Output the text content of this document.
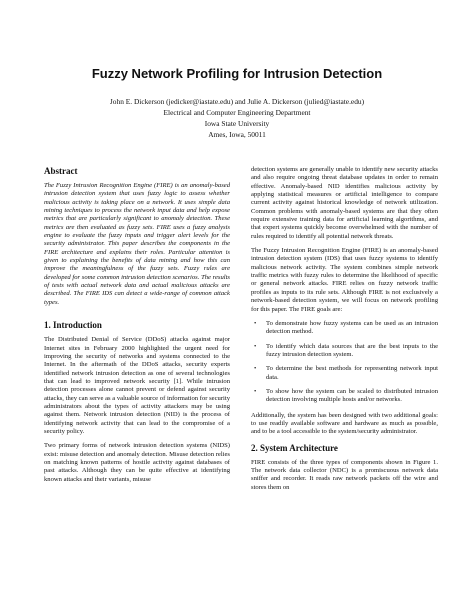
Fuzzy Network Profiling for Intrusion Detection
John E. Dickerson (jedicker@iastate.edu) and Julie A. Dickerson (julied@iastate.edu)
Electrical and Computer Engineering Department
Iowa State University
Ames, Iowa, 50011
Abstract

The Fuzzy Intrusion Recognition Engine (FIRE) is an anomaly-based intrusion detection system that uses fuzzy logic to assess whether malicious activity is taking place on a network. It uses simple data mining techniques to process the network input data and help expose metrics that are particularly significant to anomaly detection. These metrics are then evaluated as fuzzy sets. FIRE uses a fuzzy analysis engine to evaluate the fuzzy inputs and trigger alert levels for the security administrator. This paper describes the components in the FIRE architecture and explains their roles. Particular attention is given to explaining the benefits of data mining and how this can improve the meaningfulness of the fuzzy sets. Fuzzy rules are developed for some common intrusion detection scenarios. The results of tests with actual network data and actual malicious attacks are described. The FIRE IDS can detect a wide-range of common attack types.

1. Introduction

The Distributed Denial of Service (DDoS) attacks against major Internet sites in February 2000 highlighted the urgent need for improving the security of networks and systems connected to the Internet. In the aftermath of the DDoS attacks, security experts identified network intrusion detection as one of several technologies that can lead to improved network security [1]. While intrusion detection processes alone cannot prevent or defend against security attacks, they can serve as a valuable source of information for security administrators about the types of activity attackers may be using against them. Network intrusion detection (NID) is the process of identifying network activity that can lead to the compromise of a security policy.

Two primary forms of network intrusion detection systems (NIDS) exist: misuse detection and anomaly detection. Misuse detection relies on matching known patterns of hostile activity against databases of past attacks. Although they can be quite effective at identifying known attacks and their variants, misuse

detection systems are generally unable to identify new security attacks and also require ongoing threat database updates in order to remain effective. Anomaly-based NID identifies malicious activity by applying statistical measures or artificial intelligence to compare current activity against historical knowledge of network utilization. Common problems with anomaly-based systems are that they often require extensive training data for artificial learning algorithms, and that expert systems quickly become overwhelmed with the number of rules required to identify all potential network threats.

The Fuzzy Intrusion Recognition Engine (FIRE) is an anomaly-based intrusion detection system (IDS) that uses fuzzy systems to identify malicious network activity. The system combines simple network traffic metrics with fuzzy rules to determine the likelihood of specific or general network attacks. FIRE relies on fuzzy network traffic profiles as inputs to its rule sets. Although FIRE is not exclusively a network-based detection system, we will focus on network profiling for this paper. The FIRE goals are:

• To demonstrate how fuzzy systems can be used as an intrusion detection method.
• To identify which data sources that are the best inputs to the fuzzy intrusion detection system.
• To determine the best methods for representing network input data.
• To show how the system can be scaled to distributed intrusion detection involving multiple hosts and/or networks.

Additionally, the system has been designed with two additional goals: to use readily available software and hardware as much as possible, and to be a tool accessible to the system/security administrator.

2. System Architecture

FIRE consists of the three types of components shown in Figure 1. The network data collector (NDC) is a promiscuous network data sniffer and recorder. It reads raw network packets off the wire and stores them on
